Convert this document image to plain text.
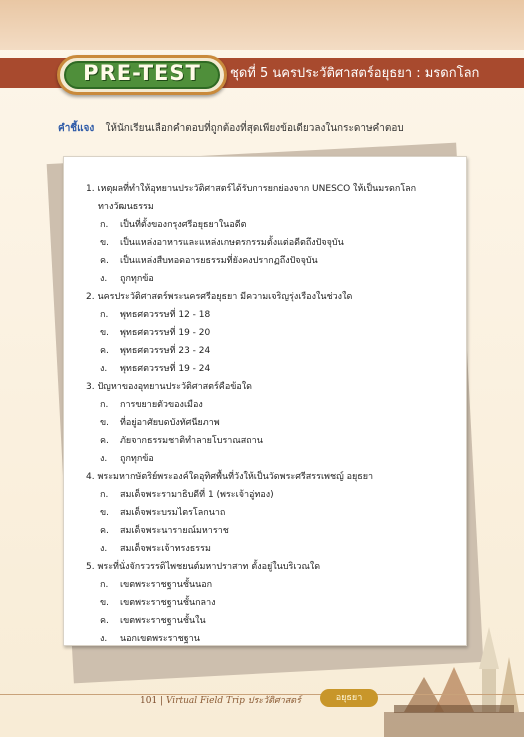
ชุดที่ 5 นครประวัติศาสตร์อยุธยา : มรดกโลก
PRE-TEST
คำชี้แจง ให้นักเรียนเลือกคำตอบที่ถูกต้องที่สุดเพียงข้อเดียวลงในกระดาษคำตอบ
1. เหตุผลที่ทำให้อุทยานประวัติศาสตร์ได้รับการยกย่องจาก UNESCO ให้เป็นมรดกโลก
ทางวัฒนธรรม
ก. เป็นที่ตั้งของกรุงศรีอยุธยาในอดีต
ข. เป็นแหล่งอาหารและแหล่งเกษตรกรรมตั้งแต่อดีตถึงปัจจุบัน
ค. เป็นแหล่งสืบทอดอารยธรรมที่ยังคงปรากฏถึงปัจจุบัน
ง. ถูกทุกข้อ
2. นครประวัติศาสตร์พระนครศรีอยุธยา มีความเจริญรุ่งเรืองในช่วงใด
ก. พุทธศตวรรษที่ 12 - 18
ข. พุทธศตวรรษที่ 19 - 20
ค. พุทธศตวรรษที่ 23 - 24
ง. พุทธศตวรรษที่ 19 - 24
3. ปัญหาของอุทยานประวัติศาสตร์คือข้อใด
ก. การขยายตัวของเมือง
ข. ที่อยู่อาศัยบดบังทัศนียภาพ
ค. ภัยจากธรรมชาติทำลายโบราณสถาน
ง. ถูกทุกข้อ
4. พระมหากษัตริย์พระองค์ใดอุทิศพื้นที่วังให้เป็นวัดพระศรีสรรเพชญ์ อยุธยา
ก. สมเด็จพระรามาธิบดีที่ 1 (พระเจ้าอู่ทอง)
ข. สมเด็จพระบรมไตรโลกนาถ
ค. สมเด็จพระนารายณ์มหาราช
ง. สมเด็จพระเจ้าทรงธรรม
5. พระที่นั่งจักรวรรดิไพชยนต์มหาปราสาท ตั้งอยู่ในบริเวณใด
ก. เขตพระราชฐานชั้นนอก
ข. เขตพระราชฐานชั้นกลาง
ค. เขตพระราชฐานชั้นใน
ง. นอกเขตพระราชฐาน
101 | Virtual Field Trip ประวัติศาสตร์	อยุธยา
